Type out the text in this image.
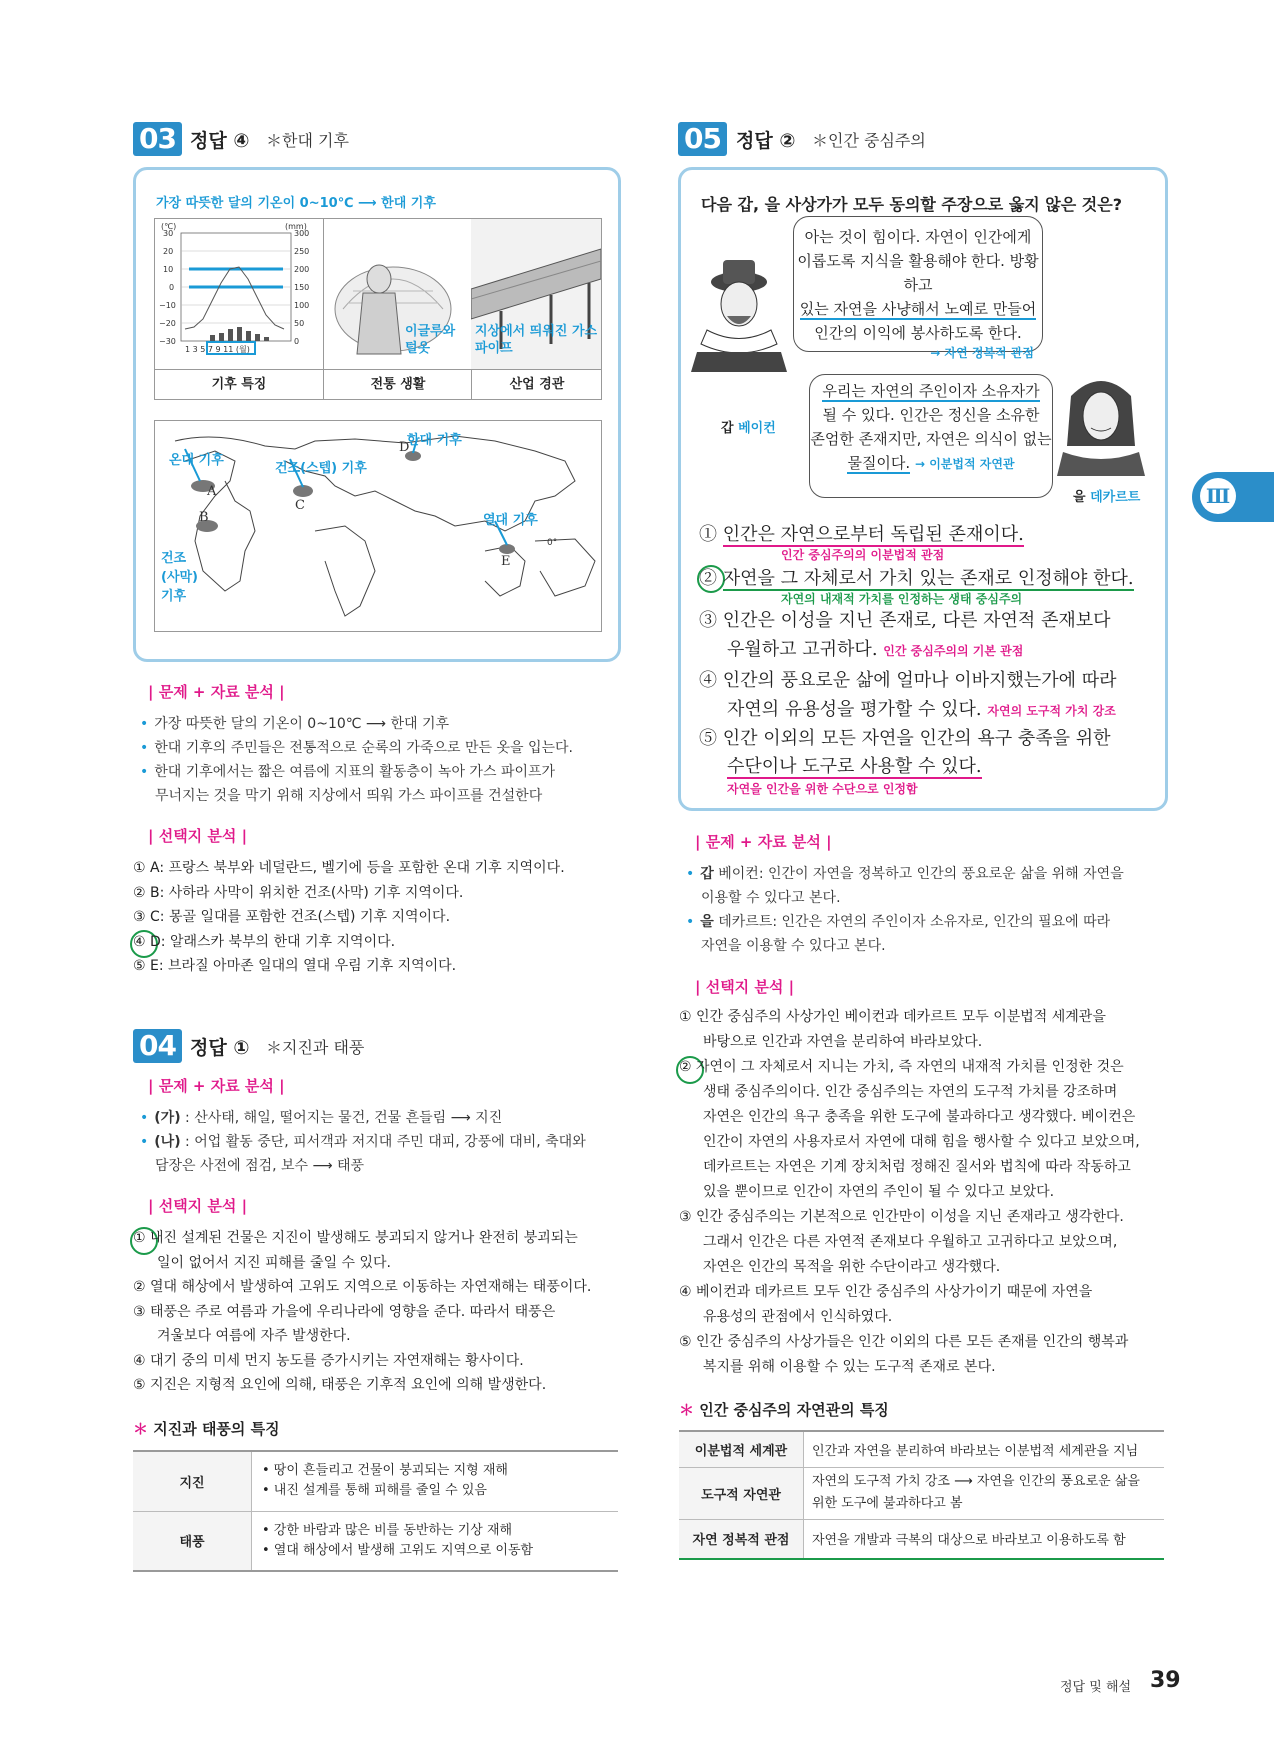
03 정답 ④ ＊한대 기후
가장 따뜻한 달의 기온이 0~10℃ ⟶ 한대 기후
(℃)	(mm)
30
20
10
0
−10
−20
−30
300
250
200
150
100
50
0
1 3 5 7 9 11 (월)
이글루와 털옷
지상에서 띄워진 가스 파이프
기후 특징	전통 생활	산업 경관
A
B
C
D
E
0°
온대 기후
건조(스텝) 기후
한대 기후
열대 기후
건조 (사막) 기후
| 문제 + 자료 분석 |
• 가장 따뜻한 달의 기온이 0~10℃ ⟶ 한대 기후
• 한대 기후의 주민들은 전통적으로 순록의 가죽으로 만든 옷을 입는다.
• 한대 기후에서는 짧은 여름에 지표의 활동층이 녹아 가스 파이프가
무너지는 것을 막기 위해 지상에서 띄워 가스 파이프를 건설한다
| 선택지 분석 |
① A: 프랑스 북부와 네덜란드, 벨기에 등을 포함한 온대 기후 지역이다.
② B: 사하라 사막이 위치한 건조(사막) 기후 지역이다.
③ C: 몽골 일대를 포함한 건조(스텝) 기후 지역이다.
④ D: 알래스카 북부의 한대 기후 지역이다.
⑤ E: 브라질 아마존 일대의 열대 우림 기후 지역이다.
04 정답 ① ＊지진과 태풍
| 문제 + 자료 분석 |
• (가) : 산사태, 해일, 떨어지는 물건, 건물 흔들림 ⟶ 지진
• (나) : 어업 활동 중단, 피서객과 저지대 주민 대피, 강풍에 대비, 축대와
담장은 사전에 점검, 보수 ⟶ 태풍
| 선택지 분석 |
① 내진 설계된 건물은 지진이 발생해도 붕괴되지 않거나 완전히 붕괴되는
일이 없어서 지진 피해를 줄일 수 있다.
② 열대 해상에서 발생하여 고위도 지역으로 이동하는 자연재해는 태풍이다.
③ 태풍은 주로 여름과 가을에 우리나라에 영향을 준다. 따라서 태풍은
겨울보다 여름에 자주 발생한다.
④ 대기 중의 미세 먼지 농도를 증가시키는 자연재해는 황사이다.
⑤ 지진은 지형적 요인에 의해, 태풍은 기후적 요인에 의해 발생한다.
＊ 지진과 태풍의 특징
지진	• 땅이 흔들리고 건물이 붕괴되는 지형 재해
• 내진 설계를 통해 피해를 줄일 수 있음

태풍	• 강한 바람과 많은 비를 동반하는 기상 재해
• 열대 해상에서 발생해 고위도 지역으로 이동함
05 정답 ② ＊인간 중심주의
다음 갑, 을 사상가가 모두 동의할 주장으로 옳지 않은 것은?
갑 베이컨
아는 것이 힘이다. 자연이 인간에게
이롭도록 지식을 활용해야 한다. 방황하고
있는 자연을 사냥해서 노예로 만들어
인간의 이익에 봉사하도록 한다.
→ 자연 정복적 관점
우리는 자연의 주인이자 소유자가
될 수 있다. 인간은 정신을 소유한
존엄한 존재지만, 자연은 의식이 없는
물질이다. → 이분법적 자연관
을 데카르트
① 인간은 자연으로부터 독립된 존재이다.
인간 중심주의의 이분법적 관점
② 자연을 그 자체로서 가치 있는 존재로 인정해야 한다.
자연의 내재적 가치를 인정하는 생태 중심주의
③ 인간은 이성을 지닌 존재로, 다른 자연적 존재보다
우월하고 고귀하다. 인간 중심주의의 기본 관점
④ 인간의 풍요로운 삶에 얼마나 이바지했는가에 따라
자연의 유용성을 평가할 수 있다. 자연의 도구적 가치 강조
⑤ 인간 이외의 모든 자연을 인간의 욕구 충족을 위한
수단이나 도구로 사용할 수 있다.
자연을 인간을 위한 수단으로 인정함
| 문제 + 자료 분석 |
• 갑 베이컨: 인간이 자연을 정복하고 인간의 풍요로운 삶을 위해 자연을
이용할 수 있다고 본다.
• 을 데카르트: 인간은 자연의 주인이자 소유자로, 인간의 필요에 따라
자연을 이용할 수 있다고 본다.
| 선택지 분석 |
① 인간 중심주의 사상가인 베이컨과 데카르트 모두 이분법적 세계관을
바탕으로 인간과 자연을 분리하여 바라보았다.
② 자연이 그 자체로서 지니는 가치, 즉 자연의 내재적 가치를 인정한 것은
생태 중심주의이다. 인간 중심주의는 자연의 도구적 가치를 강조하며
자연은 인간의 욕구 충족을 위한 도구에 불과하다고 생각했다. 베이컨은
인간이 자연의 사용자로서 자연에 대해 힘을 행사할 수 있다고 보았으며,
데카르트는 자연은 기계 장치처럼 정해진 질서와 법칙에 따라 작동하고
있을 뿐이므로 인간이 자연의 주인이 될 수 있다고 보았다.
③ 인간 중심주의는 기본적으로 인간만이 이성을 지닌 존재라고 생각한다.
그래서 인간은 다른 자연적 존재보다 우월하고 고귀하다고 보았으며,
자연은 인간의 목적을 위한 수단이라고 생각했다.
④ 베이컨과 데카르트 모두 인간 중심주의 사상가이기 때문에 자연을
유용성의 관점에서 인식하였다.
⑤ 인간 중심주의 사상가들은 인간 이외의 다른 모든 존재를 인간의 행복과
복지를 위해 이용할 수 있는 도구적 존재로 본다.
＊ 인간 중심주의 자연관의 특징
이분법적 세계관	인간과 자연을 분리하여 바라보는 이분법적 세계관을 지님
도구적 자연관	자연의 도구적 가치 강조 ⟶ 자연을 인간의 풍요로운 삶을
위한 도구에 불과하다고 봄

자연 정복적 관점	자연을 개발과 극복의 대상으로 바라보고 이용하도록 함
Ⅲ
정답 및 해설 39
